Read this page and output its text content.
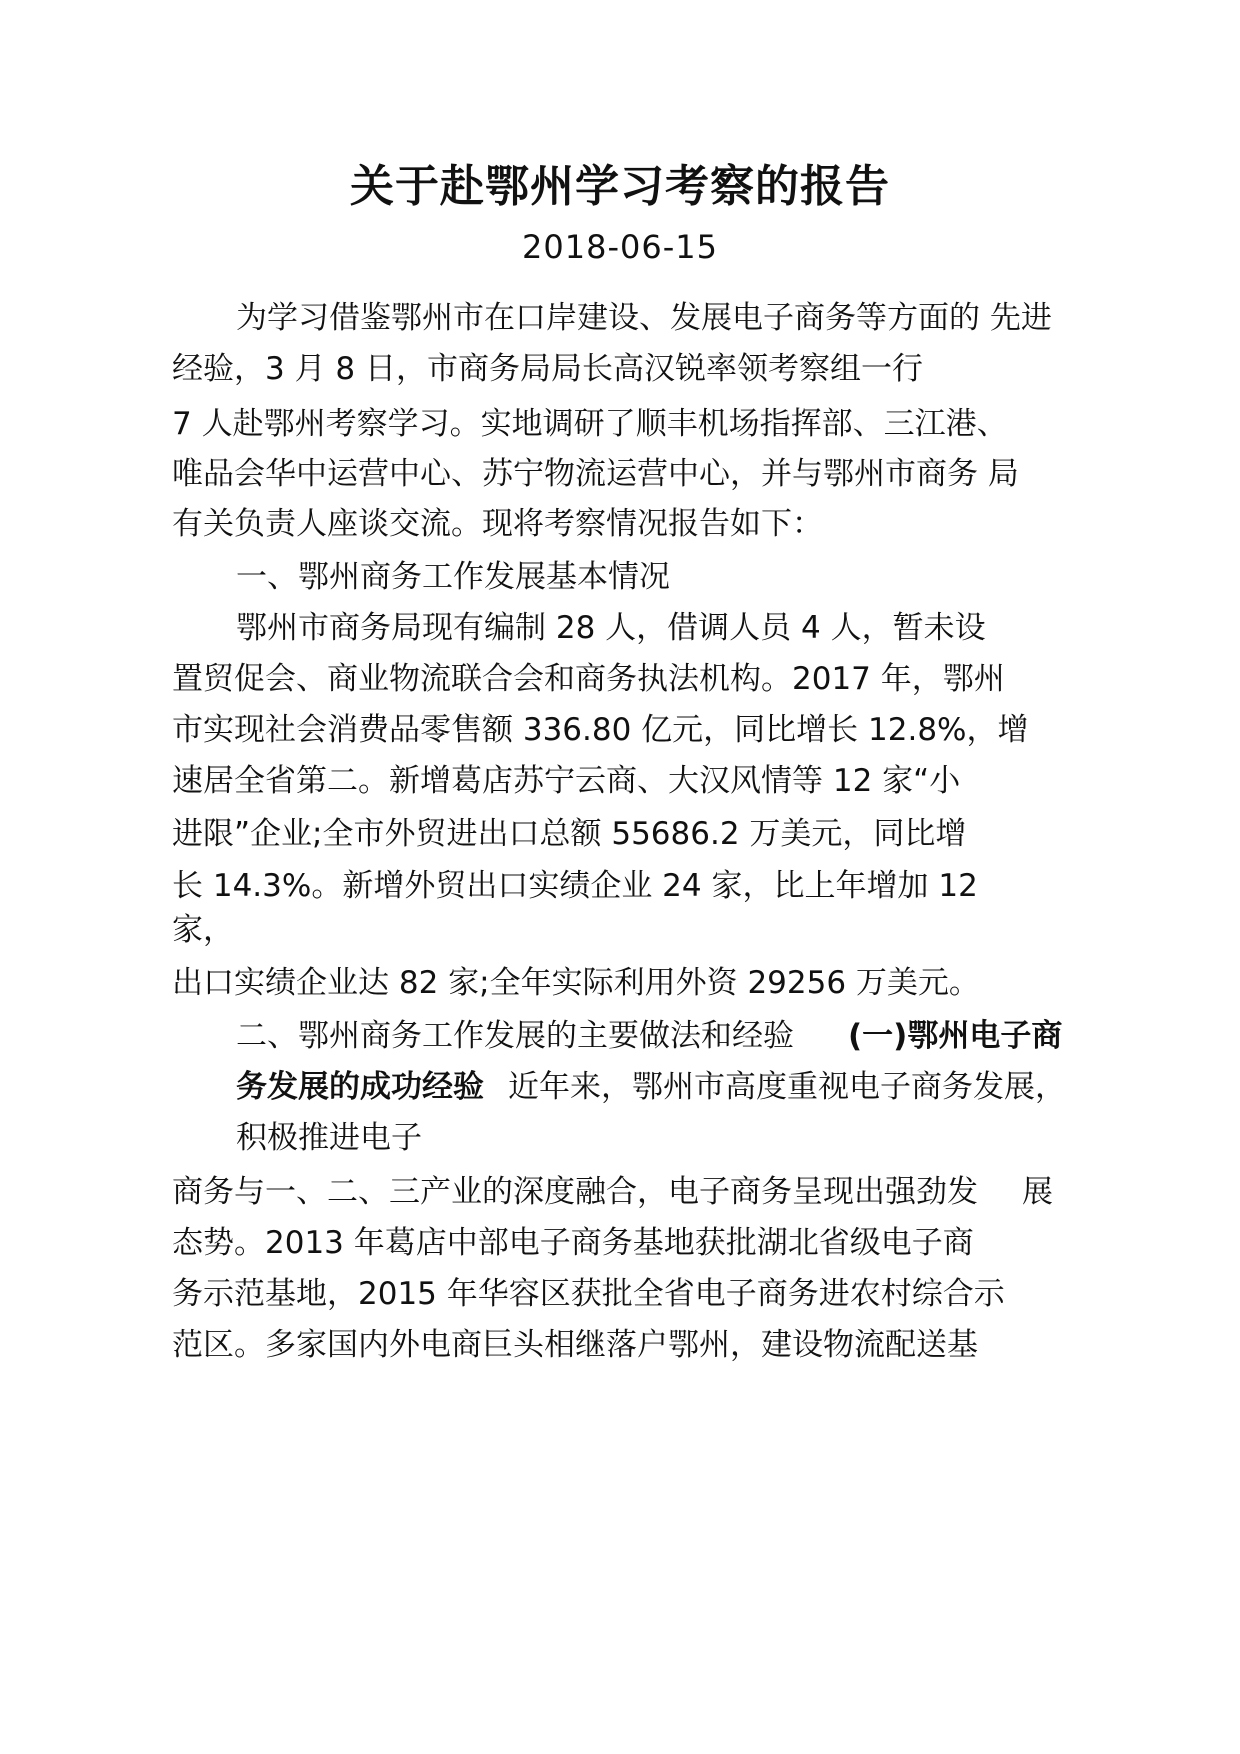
关于赴鄂州学习考察的报告
2018-06-15
为学习借鉴鄂州市在口岸建设、发展电子商务等方面的 先进
经验，3 月 8 日，市商务局局长高汉锐率领考察组一行
7 人赴鄂州考察学习。实地调研了顺丰机场指挥部、三江港、
唯品会华中运营中心、苏宁物流运营中心，并与鄂州市商务 局
有关负责人座谈交流。现将考察情况报告如下：
一、鄂州商务工作发展基本情况
鄂州市商务局现有编制 28 人，借调人员 4 人，暂未设
置贸促会、商业物流联合会和商务执法机构。2017 年，鄂州
市实现社会消费品零售额 336.80 亿元，同比增长 12.8%，增
速居全省第二。新增葛店苏宁云商、大汉风情等 12 家“小
进限”企业;全市外贸进出口总额 55686.2 万美元，同比增
长 14.3%。新增外贸出口实绩企业 24 家，比上年增加 12
家，
出口实绩企业达 82 家;全年实际利用外资 29256 万美元。
二、鄂州商务工作发展的主要做法和经验 (一)鄂州电子商
务发展的成功经验 近年来，鄂州市高度重视电子商务发展，
积极推进电子
商务与一、二、三产业的深度融合，电子商务呈现出强劲发 展
态势。2013 年葛店中部电子商务基地获批湖北省级电子商
务示范基地，2015 年华容区获批全省电子商务进农村综合示
范区。多家国内外电商巨头相继落户鄂州，建设物流配送基
